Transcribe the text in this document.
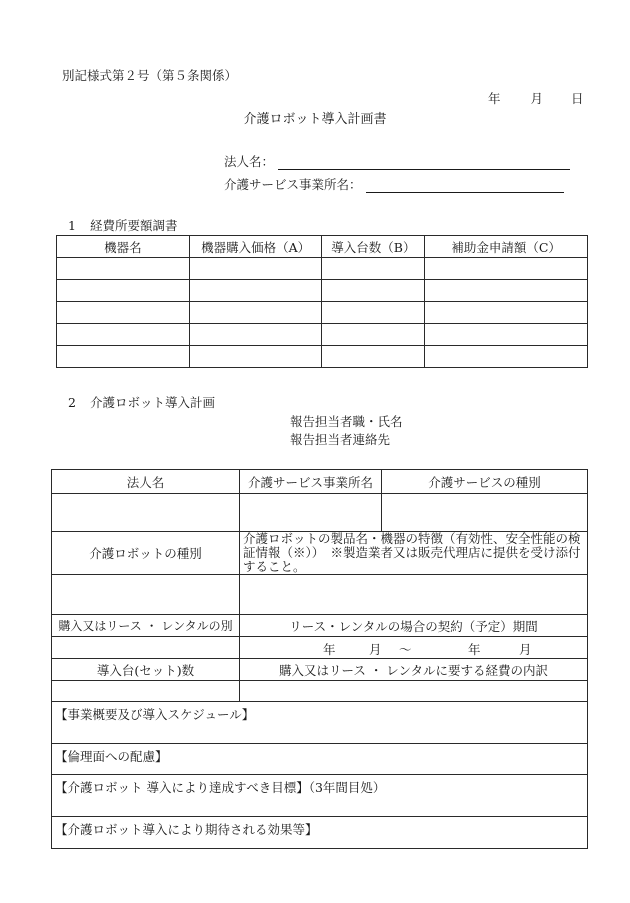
別記様式第２号（第５条関係）
年 月 日
介護ロボット導入計画書
法人名：
介護サービス事業所名：
1 経費所要額調書
機器名	機器購入価格（A）	導入台数（B）	補助金申請額（C）

2 介護ロボット導入計画
報告担当者職・氏名
報告担当者連絡先
法人名	介護サービス事業所名	介護サービスの種別

介護ロボットの種別	介護ロボットの製品名・機器の特徴（有効性、安全性能の検証情報（※））　※製造業者又は販売代理店に提供を受け添付すること。	

購入又はリース ・ レンタルの別	リース・レンタルの場合の契約（予定）期間	

	年 月 ～ 年 月	

導入台(セット)数	購入又はリース ・ レンタルに要する経費の内訳	

【事業概要及び導入スケジュール】		
【倫理面への配慮】		
【介護ロボット 導入により達成すべき目標】（3年間目処）		
【介護ロボット導入により期待される効果等】		
